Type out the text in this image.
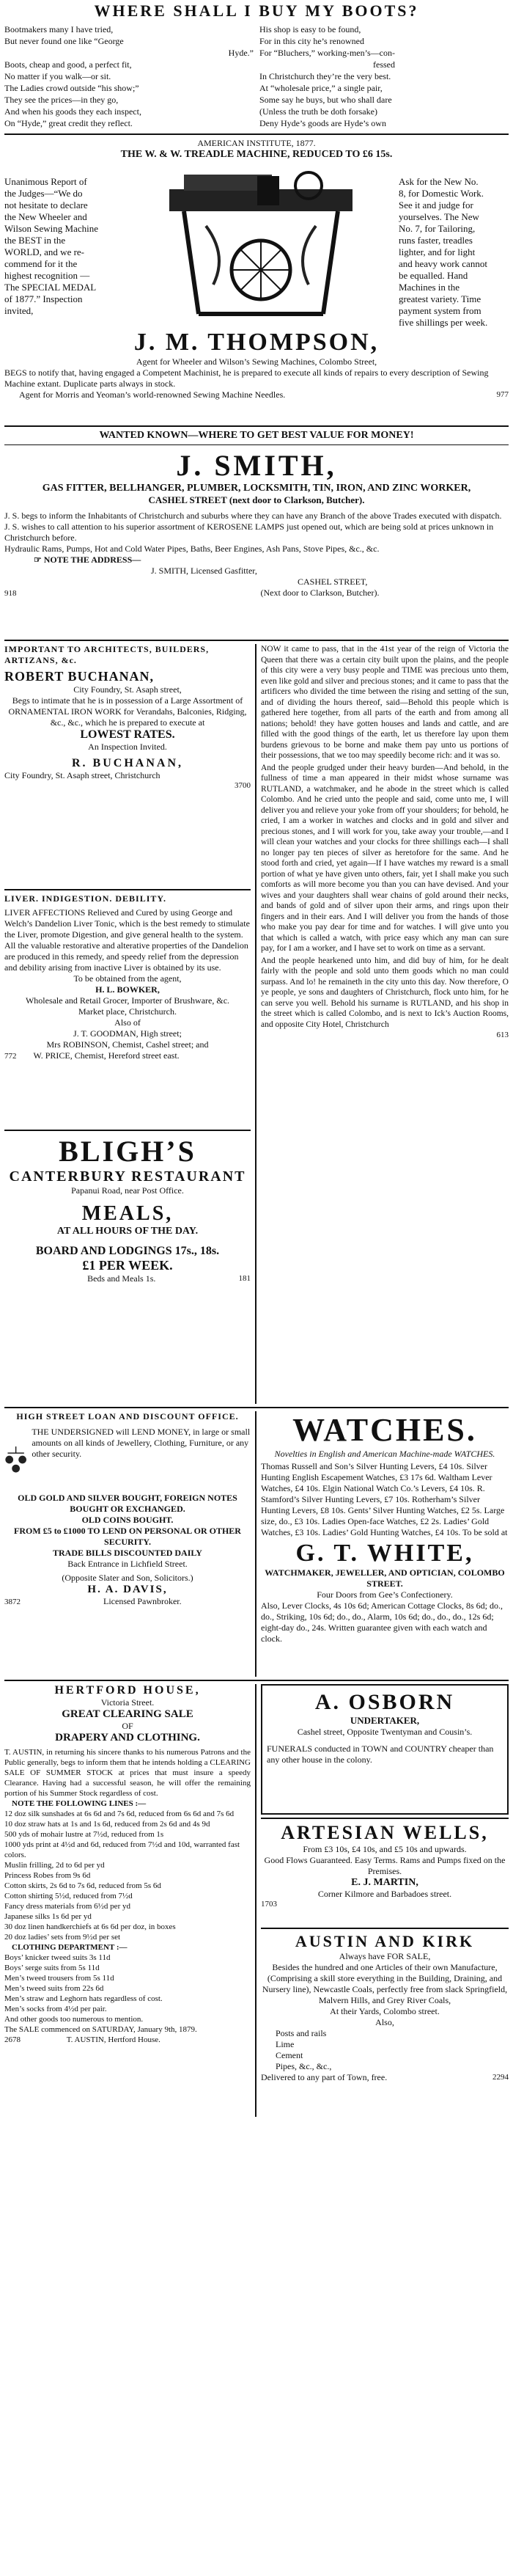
WHERE SHALL I BUY MY BOOTS?
Bootmakers many I have tried,
But never found one like “George
Hyde.”
Boots, cheap and good, a perfect fit,
No matter if you walk—or sit.
The Ladies crowd outside “his show;”
They see the prices—in they go,
And when his goods they each inspect,
On “Hyde,” great credit they reflect.
His shop is easy to be found,
For in this city he’s renowned
For “Bluchers,” working-men’s—con-
fessed
In Christchurch they’re the very best.
At “wholesale price,” a single pair,
Some say he buys, but who shall dare
(Unless the truth be doth forsake)
Deny Hyde’s goods are Hyde’s own
AMERICAN INSTITUTE, 1877.
THE W. & W. TREADLE MACHINE, REDUCED TO £6 15s.
Unanimous Report of
the Judges—“We do
not hesitate to declare
the New Wheeler and
Wilson Sewing Machine
the BEST in the
WORLD, and we re-
commend for it the
highest recognition —
The SPECIAL MEDAL
of 1877.” Inspection
invited,
Ask for the New No.
8, for Domestic Work.
See it and judge for
yourselves. The New
No. 7, for Tailoring,
runs faster, treadles
lighter, and for light
and heavy work cannot
be equalled. Hand
Machines in the
greatest variety. Time
payment system from
five shillings per week.
J. M. THOMPSON,
Agent for Wheeler and Wilson’s Sewing Machines, Colombo Street,
BEGS to notify that, having engaged a Competent Machinist, he is prepared to execute all kinds of repairs to every description of Sewing Machine extant. Duplicate parts always in stock.
Agent for Morris and Yeoman’s world-renowned Sewing Machine Needles.	977
WANTED KNOWN—WHERE TO GET BEST VALUE FOR MONEY!
J. SMITH,
GAS FITTER, BELLHANGER, PLUMBER, LOCKSMITH, TIN, IRON, AND ZINC WORKER,
CASHEL STREET (next door to Clarkson, Butcher).
J. S. begs to inform the Inhabitants of Christchurch and suburbs where they can have any Branch of the above Trades executed with dispatch.
J. S. wishes to call attention to his superior assortment of KEROSENE LAMPS just opened out, which are being sold at prices unknown in Christchurch before.
Hydraulic Rams, Pumps, Hot and Cold Water Pipes, Baths, Beer Engines, Ash Pans, Stove Pipes, &c., &c.
☞ NOTE THE ADDRESS—
J. SMITH, Licensed Gasfitter,
CASHEL STREET,
918	(Next door to Clarkson, Butcher).
IMPORTANT TO ARCHITECTS, BUILDERS, ARTIZANS, &c.
ROBERT BUCHANAN,
City Foundry, St. Asaph street,
Begs to intimate that he is in possession of a Large Assortment of ORNAMENTAL IRON WORK for Verandahs, Balconies, Ridging, &c., &c., which he is prepared to execute at
LOWEST RATES.
An Inspection Invited.
R. BUCHANAN,
City Foundry, St. Asaph street, Christchurch
3700
LIVER. INDIGESTION. DEBILITY.
LIVER AFFECTIONS Relieved and Cured by using George and Welch’s Dandelion Liver Tonic, which is the best remedy to stimulate the Liver, promote Digestion, and give general health to the system. All the valuable restorative and alterative properties of the Dandelion are produced in this remedy, and speedy relief from the depression and debility arising from inactive Liver is obtained by its use.
To be obtained from the agent,
H. L. BOWKER,
Wholesale and Retail Grocer, Importer of Brushware, &c.
Market place, Christchurch.
Also of
J. T. GOODMAN, High street;
Mrs ROBINSON, Chemist, Cashel street; and
772 W. PRICE, Chemist, Hereford street east.
BLIGH’S
CANTERBURY RESTAURANT
Papanui Road, near Post Office.
MEALS,
AT ALL HOURS OF THE DAY.
BOARD AND LODGINGS 17s., 18s.
£1 PER WEEK.
Beds and Meals 1s.	181
NOW it came to pass, that in the 41st year of the reign of Victoria the Queen that there was a certain city built upon the plains, and the people of this city were a very busy people and TIME was precious unto them, even like gold and silver and precious stones; and it came to pass that the artificers who divided the time between the rising and setting of the sun, and of dividing the hours thereof, said—Behold this people which is gathered here together, from all parts of the earth and from among all nations; behold! they have gotten houses and lands and cattle, and are filled with the good things of the earth, let us therefore lay upon them burdens grievous to be borne and make them pay unto us portions of their possessions, that we too may speedily become rich: and it was so.
And the people grudged under their heavy burden—And behold, in the fullness of time a man appeared in their midst whose surname was RUTLAND, a watchmaker, and he abode in the street which is called Colombo. And he cried unto the people and said, come unto me, I will deliver you and relieve your yoke from off your shoulders; for behold, he cried, I am a worker in watches and clocks and in gold and silver and precious stones, and I will work for you, take away your trouble,—and I will clean your watches and your clocks for three shillings each—I shall no longer pay ten pieces of silver as heretofore for the same. And he stood forth and cried, yet again—If I have watches my reward is a small portion of what ye have given unto others, fair, yet I shall make you such comforts as will more become you than you can have devised. And your wives and your daughters shall wear chains of gold around their necks, and bands of gold and of silver upon their arms, and rings upon their fingers and in their ears. And I will deliver you from the hands of those who make you pay dear for time and for watches. I will give unto you that which is called a watch, with price easy which any man can sure pay, for I am a worker, and I have set to work on time as a servant.
And the people hearkened unto him, and did buy of him, for he dealt fairly with the people and sold unto them goods which no man could surpass. And lo! he remaineth in the city unto this day. Now therefore, O ye people, ye sons and daughters of Christchurch, flock unto him, for he can serve you well. Behold his surname is RUTLAND, and his shop in the street which is called Colombo, and is next to Ick’s Auction Rooms, and opposite City Hotel, Christchurch
613
HIGH STREET LOAN AND DISCOUNT OFFICE.
THE UNDERSIGNED will LEND MONEY, in large or small amounts on all kinds of Jewellery, Clothing, Furniture, or any other security.
OLD GOLD AND SILVER BOUGHT, FOREIGN NOTES BOUGHT OR EXCHANGED.
OLD COINS BOUGHT.
FROM £5 to £1000 TO LEND ON PERSONAL OR OTHER SECURITY.
TRADE BILLS DISCOUNTED DAILY
Back Entrance in Lichfield Street.
(Opposite Slater and Son, Solicitors.)
H. A. DAVIS,
3872	Licensed Pawnbroker.
WATCHES.
Novelties in English and American Machine-made WATCHES.
Thomas Russell and Son’s Silver Hunting Levers, £4 10s. Silver Hunting English Escapement Watches, £3 17s 6d. Waltham Lever Watches, £4 10s. Elgin National Watch Co.’s Levers, £4 10s. R. Stamford’s Silver Hunting Levers, £7 10s. Rotherham’s Silver Hunting Levers, £8 10s. Gents’ Silver Hunting Watches, £2 5s. Large size, do., £3 10s. Ladies Open-face Watches, £2 2s. Ladies’ Gold Watches, £3 10s. Ladies’ Gold Hunting Watches, £4 10s. To be sold at
G. T. WHITE,
WATCHMAKER, JEWELLER, AND OPTICIAN, COLOMBO STREET.
Four Doors from Gee’s Confectionery.
Also, Lever Clocks, 4s 10s 6d; American Cottage Clocks, 8s 6d; do., do., Striking, 10s 6d; do., do., Alarm, 10s 6d; do., do., do., 12s 6d; eight-day do., 24s. Written guarantee given with each watch and clock.
HERTFORD HOUSE,
Victoria Street.
GREAT CLEARING SALE
OF
DRAPERY AND CLOTHING.
T. AUSTIN, in returning his sincere thanks to his numerous Patrons and the Public generally, begs to inform them that he intends holding a CLEARING SALE OF SUMMER STOCK at prices that must insure a speedy Clearance. Having had a successful season, he will offer the remaining portion of his Summer Stock regardless of cost.
NOTE THE FOLLOWING LINES :—
12 doz silk sunshades at 6s 6d and 7s 6d, reduced from 6s 6d and 7s 6d
10 doz straw hats at 1s and 1s 6d, reduced from 2s 6d and 4s 9d
500 yds of mohair lustre at 7½d, reduced from 1s
1000 yds print at 4½d and 6d, reduced from 7½d and 10d, warranted fast colors.
Muslin frilling, 2d to 6d per yd
Princess Robes from 9s 6d
Cotton skirts, 2s 6d to 7s 6d, reduced from 5s 6d
Cotton shirting 5½d, reduced from 7½d
Fancy dress materials from 6½d per yd
Japanese silks 1s 6d per yd
30 doz linen handkerchiefs at 6s 6d per doz, in boxes
20 doz ladies’ sets from 9½d per set
CLOTHING DEPARTMENT :—
Boys’ knicker tweed suits 3s 11d
Boys’ serge suits from 5s 11d
Men’s tweed trousers from 5s 11d
Men’s tweed suits from 22s 6d
Men’s straw and Leghorn hats regardless of cost.
Men’s socks from 4½d per pair.
And other goods too numerous to mention.
The SALE commenced on SATURDAY, January 9th, 1879.
2678	T. AUSTIN, Hertford House.
A. OSBORN
UNDERTAKER,
Cashel street, Opposite Twentyman and Cousin’s.
FUNERALS conducted in TOWN and COUNTRY cheaper than any other house in the colony.
ARTESIAN WELLS,
From £3 10s, £4 10s, and £5 10s and upwards.
Good Flows Guaranteed. Easy Terms. Rams and Pumps fixed on the Premises.
E. J. MARTIN,
Corner Kilmore and Barbadoes street.
1703
AUSTIN AND KIRK
Always have FOR SALE,
Besides the hundred and one Articles of their own Manufacture, (Comprising a skill store everything in the Building, Draining, and Nursery line), Newcastle Coals, perfectly free from slack Springfield, Malvern Hills, and Grey River Coals,
At their Yards, Colombo street.
Also,
Posts and rails
Lime
Cement
Pipes, &c., &c.,
Delivered to any part of Town, free.	2294
